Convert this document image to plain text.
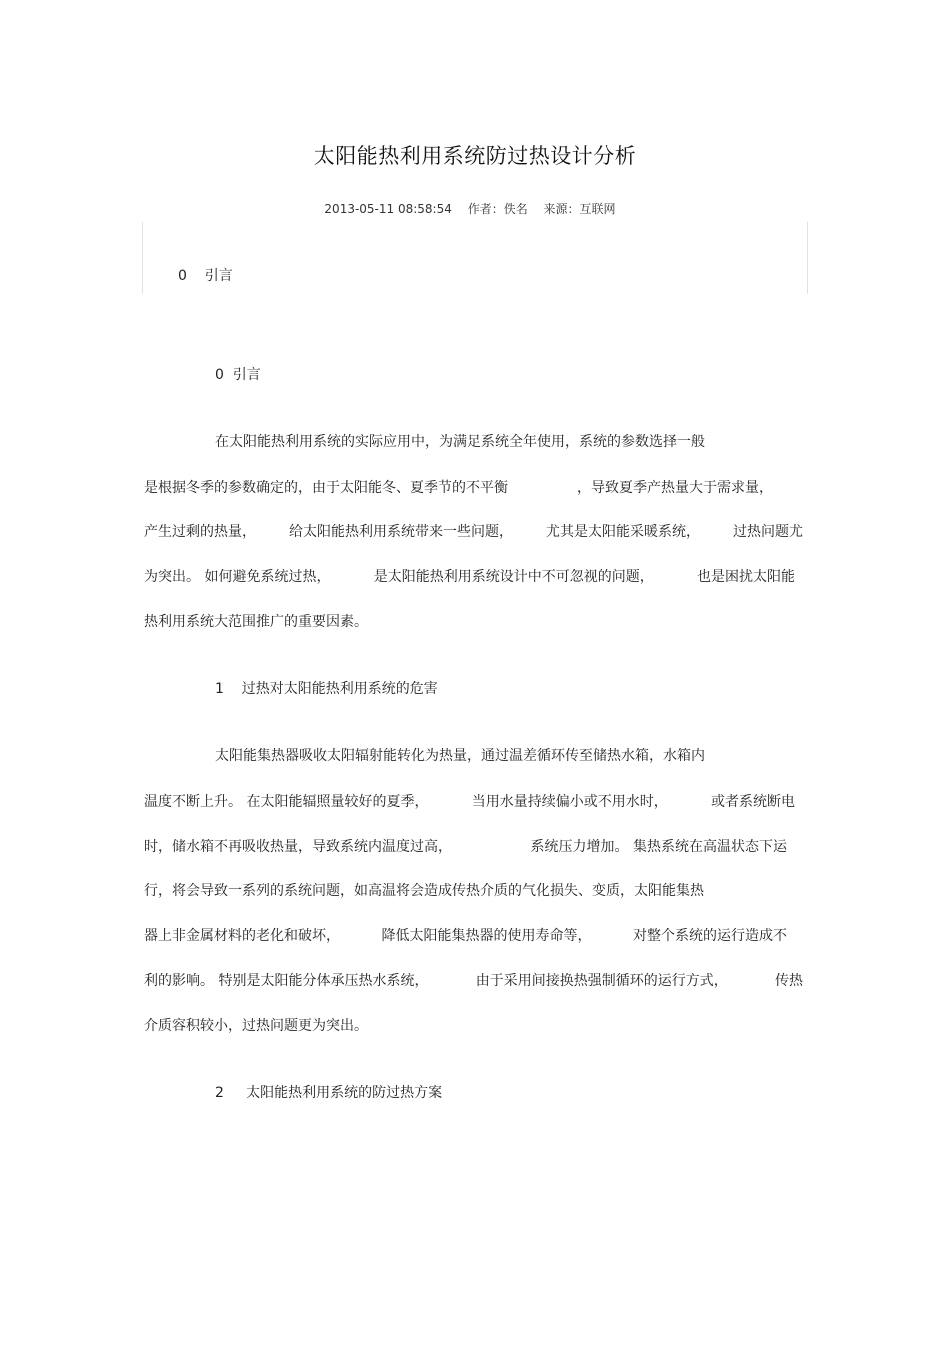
太阳能热利用系统防过热设计分析
2013-05-11 08:58:54 作者：佚名 来源：互联网
0    引言
0  引言
在太阳能热利用系统的实际应用中，为满足系统全年使用，系统的参数选择一般
是根据冬季的参数确定的，由于太阳能冬、夏季节的不平衡	，导致夏季产热量大于需求量，
产生过剩的热量， 给太阳能热利用系统带来一些问题， 尤其是太阳能采暖系统， 过热问题尤
为突出。 如何避免系统过热，	是太阳能热利用系统设计中不可忽视的问题，	也是困扰太阳能
热利用系统大范围推广的重要因素。
1    过热对太阳能热利用系统的危害
太阳能集热器吸收太阳辐射能转化为热量，通过温差循环传至储热水箱，水箱内
温度不断上升。 在太阳能辐照量较好的夏季，	当用水量持续偏小或不用水时，	或者系统断电
时，储水箱不再吸收热量，导致系统内温度过高，	系统压力增加。 集热系统在高温状态下运
行，将会导致一系列的系统问题，如高温将会造成传热介质的气化损失、变质，太阳能集热
器上非金属材料的老化和破坏，	降低太阳能集热器的使用寿命等，	对整个系统的运行造成不
利的影响。 特别是太阳能分体承压热水系统，	由于采用间接换热强制循环的运行方式，	传热
介质容积较小，过热问题更为突出。
2     太阳能热利用系统的防过热方案
